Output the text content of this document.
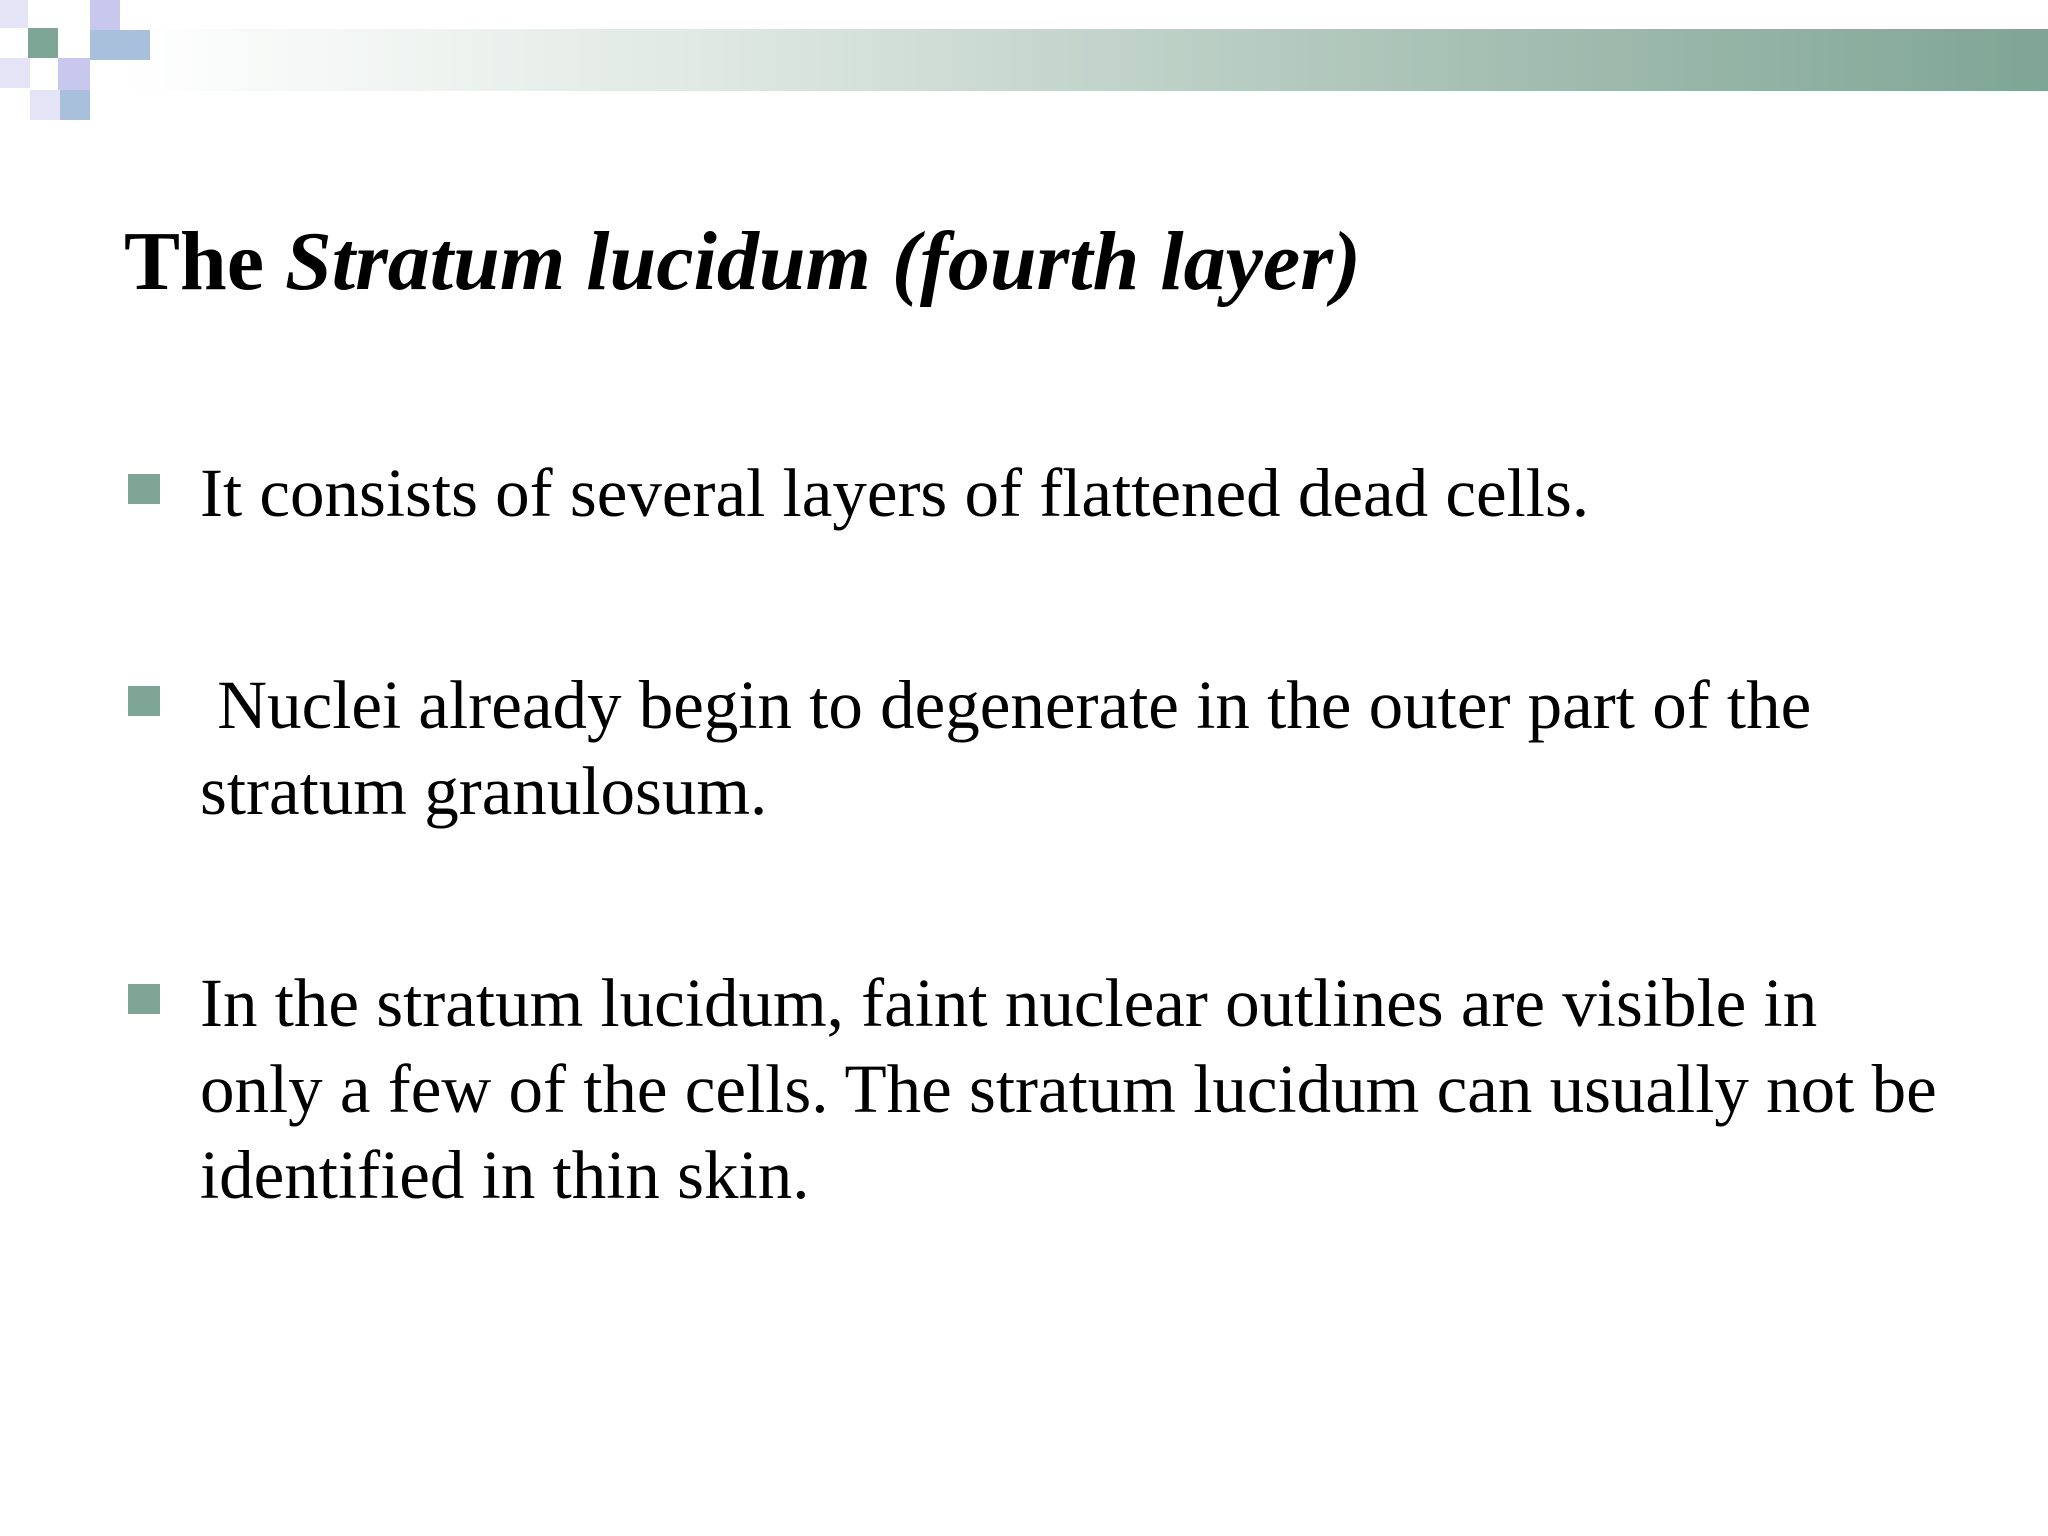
The Stratum lucidum (fourth layer)
It consists of several layers of flattened dead cells.
Nuclei already begin to degenerate in the outer part of the stratum granulosum.
In the stratum lucidum, faint nuclear outlines are visible in only a few of the cells. The stratum lucidum can usually not be identified in thin skin.
